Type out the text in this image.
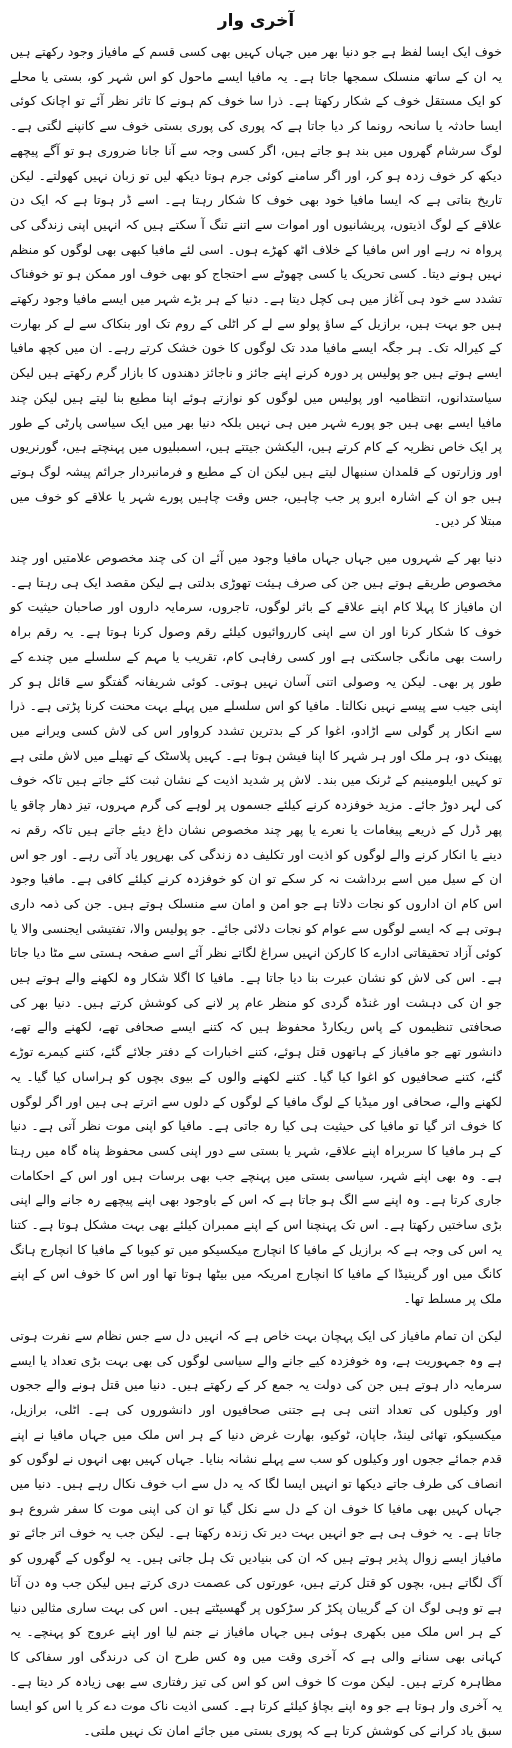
آخری وار

خوف ایک ایسا لفظ ہے جو دنیا بھر میں جہاں کہیں بھی کسی قسم کے مافیاز وجود رکھتے ہیں یہ ان کے ساتھ منسلک سمجھا جاتا ہے۔ یہ مافیا ایسے ماحول کو اس شہر کو، بستی یا محلے کو ایک مستقل خوف کے شکار رکھتا ہے۔ ذرا سا خوف کم ہونے کا تاثر نظر آئے تو اچانک کوئی ایسا حادثہ یا سانحہ رونما کر دیا جاتا ہے کہ پوری کی پوری بستی خوف سے کانپنے لگتی ہے۔ لوگ سرشام گھروں میں بند ہو جاتے ہیں، اگر کسی وجہ سے آنا جانا ضروری ہو تو آگے پیچھے دیکھ کر خوف زدہ ہو کر، اور اگر سامنے کوئی جرم ہوتا دیکھ لیں تو زبان نہیں کھولتے۔ لیکن تاریخ بتاتی ہے کہ ایسا مافیا خود بھی خوف کا شکار رہتا ہے۔ اسے ڈر ہوتا ہے کہ ایک دن علاقے کے لوگ اذیتوں، پریشانیوں اور اموات سے اتنے تنگ آ سکتے ہیں کہ انہیں اپنی زندگی کی پرواہ نہ رہے اور اس مافیا کے خلاف اٹھ کھڑے ہوں۔ اسی لئے مافیا کبھی بھی لوگوں کو منظم نہیں ہونے دیتا۔ کسی تحریک یا کسی چھوٹے سے احتجاج کو بھی خوف اور ممکن ہو تو خوفناک تشدد سے خود ہی آغاز میں ہی کچل دیتا ہے۔ دنیا کے ہر بڑے شہر میں ایسے مافیا وجود رکھتے ہیں جو بہت ہیں، برازیل کے ساؤ پولو سے لے کر اٹلی کے روم تک اور بنکاک سے لے کر بھارت کے کیرالہ تک۔ ہر جگہ ایسے مافیا مدد تک لوگوں کا خون خشک کرتے رہے۔ ان میں کچھ مافیا ایسے ہوتے ہیں جو پولیس پر دورہ کرنے اپنے جائز و ناجائز دھندوں کا بازار گرم رکھتے ہیں لیکن سیاستدانوں، انتظامیہ اور پولیس میں لوگوں کو نوازتے ہوئے اپنا مطیع بنا لیتے ہیں لیکن چند مافیا ایسے بھی ہیں جو پورے شہر میں ہی نہیں بلکہ دنیا بھر میں ایک سیاسی پارٹی کے طور پر ایک خاص نظریہ کے کام کرتے ہیں، الیکشن جیتتے ہیں، اسمبلیوں میں پہنچتے ہیں، گورنریوں اور وزارتوں کے قلمدان سنبھال لیتے ہیں لیکن ان کے مطیع و فرمانبردار جرائم پیشہ لوگ ہوتے ہیں جو ان کے اشارہ ابرو پر جب چاہیں، جس وقت چاہیں پورے شہر یا علاقے کو خوف میں مبتلا کر دیں۔

دنیا بھر کے شہروں میں جہاں جہاں مافیا وجود میں آئے ان کی چند مخصوص علامتیں اور چند مخصوص طریقے ہوتے ہیں جن کی صرف ہیئت تھوڑی بدلتی ہے لیکن مقصد ایک ہی رہتا ہے۔ ان مافیاز کا پہلا کام اپنے علاقے کے باثر لوگوں، تاجروں، سرمایہ داروں اور صاحبان حیثیت کو خوف کا شکار کرنا اور ان سے اپنی کارروائیوں کیلئے رقم وصول کرنا ہوتا ہے۔ یہ رقم براہ راست بھی مانگی جاسکتی ہے اور کسی رفاہی کام، تقریب یا مہم کے سلسلے میں چندے کے طور پر بھی۔ لیکن یہ وصولی اتنی آسان نہیں ہوتی۔ کوئی شریفانہ گفتگو سے قائل ہو کر اپنی جیب سے پیسے نہیں نکالتا۔ مافیا کو اس سلسلے میں پہلے بہت محنت کرنا پڑتی ہے۔ ذرا سے انکار پر گولی سے اڑادو، اغوا کر کے بدترین تشدد کرواور اس کی لاش کسی ویرانے میں پھینک دو، ہر ملک اور ہر شہر کا اپنا فیشن ہوتا ہے۔ کہیں پلاسٹک کے تھیلے میں لاش ملتی ہے تو کہیں ایلومینیم کے ٹرنک میں بند۔ لاش پر شدید اذیت کے نشان ثبت کئے جاتے ہیں تاکہ خوف کی لہر دوڑ جائے۔ مزید خوفزدہ کرنے کیلئے جسموں پر لوہے کی گرم مہروں، تیز دھار چاقو یا پھر ڈرل کے ذریعے پیغامات یا نعرے یا پھر چند مخصوص نشان داغ دیئے جاتے ہیں تاکہ رقم نہ دینے یا انکار کرنے والے لوگوں کو اذیت اور تکلیف دہ زندگی کی بھرپور یاد آتی رہے۔ اور جو اس ان کے سیل میں اسے برداشت نہ کر سکے تو ان کو خوفزدہ کرنے کیلئے کافی ہے۔ مافیا وجود اس کام ان اداروں کو نجات دلاتا ہے جو امن و امان سے منسلک ہوتے ہیں۔ جن کی ذمہ داری ہوتی ہے کہ ایسے لوگوں سے عوام کو نجات دلائی جائے۔ جو پولیس والا، تفتیشی ایجنسی والا یا کوئی آزاد تحقیقاتی ادارے کا کارکن انہیں سراغ لگاتے نظر آئے اسے صفحہ ہستی سے مٹا دیا جاتا ہے۔ اس کی لاش کو نشان عبرت بنا دیا جاتا ہے۔ مافیا کا اگلا شکار وہ لکھنے والے ہوتے ہیں جو ان کی دہشت اور غنڈہ گردی کو منظر عام پر لانے کی کوشش کرتے ہیں۔ دنیا بھر کی صحافتی تنظیموں کے پاس ریکارڈ محفوظ ہیں کہ کتنے ایسے صحافی تھے، لکھنے والے تھے، دانشور تھے جو مافیاز کے ہاتھوں قتل ہوئے، کتنے اخبارات کے دفتر جلائے گئے، کتنے کیمرے توڑے گئے، کتنے صحافیوں کو اغوا کیا گیا۔ کتنے لکھنے والوں کے بیوی بچوں کو ہراساں کیا گیا۔ یہ لکھنے والے، صحافی اور میڈیا کے لوگ مافیا کے لوگوں کے دلوں سے اترتے ہی ہیں اور اگر لوگوں کا خوف اتر گیا تو مافیا کی حیثیت ہی کیا رہ جاتی ہے۔ مافیا کو اپنی موت نظر آتی ہے۔ دنیا کے ہر مافیا کا سربراہ اپنے علاقے، شہر یا بستی سے دور اپنی کسی محفوظ پناہ گاہ میں رہتا ہے۔ وہ بھی اپنے شہر، سیاسی بستی میں پہنچے جب بھی برسات ہیں اور اس کے احکامات جاری کرتا ہے۔ وہ اپنے سے الگ ہو جاتا ہے کہ اس کے باوجود بھی اپنے پیچھے رہ جانے والے اپنی بڑی ساختیں رکھتا ہے۔ اس تک پہنچنا اس کے اپنے ممبران کیلئے بھی بہت مشکل ہوتا ہے۔ کتنا یہ اس کی وجہ ہے کہ برازیل کے مافیا کا انچارج میکسیکو میں تو کیوبا کے مافیا کا انچارج ہانگ کانگ میں اور گرینیڈا کے مافیا کا انچارج امریکہ میں بیٹھا ہوتا تھا اور اس کا خوف اس کے اپنے ملک پر مسلط تھا۔

لیکن ان تمام مافیاز کی ایک پہچان بہت خاص ہے کہ انہیں دل سے جس نظام سے نفرت ہوتی ہے وہ جمہوریت ہے، وہ خوفزدہ کیے جانے والے سیاسی لوگوں کی بھی بہت بڑی تعداد یا ایسے سرمایہ دار ہوتے ہیں جن کی دولت یہ جمع کر کے رکھتے ہیں۔ دنیا میں قتل ہونے والے ججوں اور وکیلوں کی تعداد اتنی ہی ہے جتنی صحافیوں اور دانشوروں کی ہے۔ اٹلی، برازیل، میکسیکو، تھائی لینڈ، جاپان، ٹوکیو، بھارت غرض دنیا کے ہر اس ملک میں جہاں مافیا نے اپنے قدم جمائے ججوں اور وکیلوں کو سب سے پہلے نشانہ بنایا۔ جہاں کہیں بھی انہوں نے لوگوں کو انصاف کی طرف جاتے دیکھا تو انہیں ایسا لگا کہ یہ دل سے اب خوف نکال رہے ہیں۔ دنیا میں جہاں کہیں بھی مافیا کا خوف ان کے دل سے نکل گیا تو ان کی اپنی موت کا سفر شروع ہو جاتا ہے۔ یہ خوف ہی ہے جو انہیں بہت دیر تک زندہ رکھتا ہے۔ لیکن جب یہ خوف اتر جائے تو مافیاز ایسے زوال پذیر ہوتے ہیں کہ ان کی بنیادیں تک ہل جاتی ہیں۔ یہ لوگوں کے گھروں کو آگ لگاتے ہیں، بچوں کو قتل کرتے ہیں، عورتوں کی عصمت دری کرتے ہیں لیکن جب وہ دن آتا ہے تو وہی لوگ ان کے گریبان پکڑ کر سڑکوں پر گھسیٹتے ہیں۔ اس کی بہت ساری مثالیں دنیا کے ہر اس ملک میں بکھری ہوئی ہیں جہاں مافیاز نے جنم لیا اور اپنے عروج کو پہنچے۔ یہ کہانی بھی سنانے والی ہے کہ آخری وقت میں وہ کس طرح ان کی درندگی اور سفاکی کا مظاہرہ کرتے ہیں۔ لیکن موت کا خوف اس کو اس کی تیز رفتاری سے بھی زیادہ کر دیتا ہے۔ یہ آخری وار ہوتا ہے جو وہ اپنے بچاؤ کیلئے کرتا ہے۔ کسی اذیت ناک موت دے کر یا اس کو ایسا سبق یاد کرانے کی کوشش کرتا ہے کہ پوری بستی میں جائے امان تک نہیں ملتی۔
